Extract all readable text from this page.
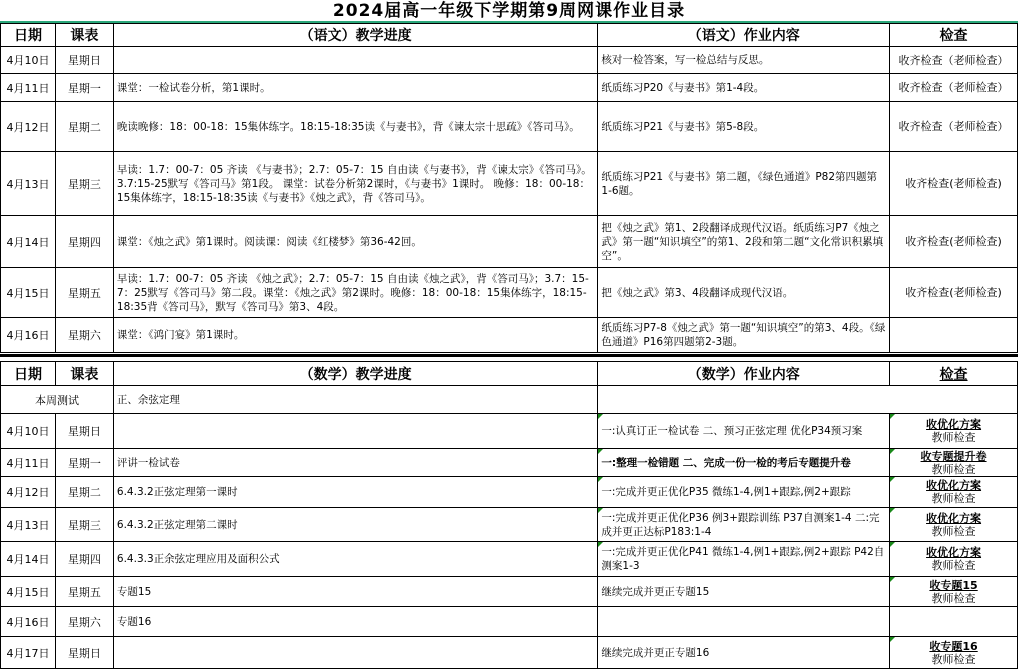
2024届高一年级下学期第9周网课作业目录
日期	课表	（语文）教学进度	（语文）作业内容	检查
4月10日	星期日		核对一检答案，写一检总结与反思。	收齐检查（老师检查）
4月11日	星期一	课堂：一检试卷分析，第1课时。	纸质练习P20《与妻书》第1-4段。	收齐检查（老师检查）
4月12日	星期二	晚读晚修：18：00-18：15集体练字。18:15-18:35读《与妻书》，背《谏太宗十思疏》《答司马》。	纸质练习P21《与妻书》第5-8段。	收齐检查（老师检查）
4月13日	星期三	早读：1.7：00-7：05 齐读 《与妻书》；2.7：05-7：15 自由读《与妻书》，背《谏太宗》《答司马》。 3.7:15-25默写《答司马》第1段。 课堂：试卷分析第2课时，《与妻书》1课时。 晚修：18：00-18：15集体练字，18:15-18:35读《与妻书》《烛之武》，背《答司马》。	纸质练习P21《与妻书》第二题，《绿色通道》P82第四题第1-6题。	收齐检查(老师检查)
4月14日	星期四	课堂：《烛之武》第1课时。阅读课：阅读《红楼梦》第36-42回。	把《烛之武》第1、2段翻译成现代汉语。纸质练习P7《烛之武》第一题“知识填空”的第1、2段和第二题“文化常识积累填空”。	收齐检查(老师检查)
4月15日	星期五	早读：1.7：00-7：05 齐读 《烛之武》；2.7：05-7：15 自由读《烛之武》，背《答司马》；3.7：15-7：25默写《答司马》第二段。课堂：《烛之武》第2课时。晚修：18：00-18：15集体练字，18:15-18:35背《答司马》，默写《答司马》第3、4段。	把《烛之武》第3、4段翻译成现代汉语。	收齐检查(老师检查)
4月16日	星期六	课堂：《鸿门宴》第1课时。	纸质练习P7-8《烛之武》第一题“知识填空”的第3、4段。《绿色通道》P16第四题第2-3题。	
日期	课表	（数学）教学进度	（数学）作业内容	检查
本周测试		正、余弦定理		
4月10日	星期日		一:认真订正一检试卷 二、预习正弦定理 优化P34预习案	收优化方案
教师检查
4月11日	星期一	评讲一检试卷	一:整理一检错题 二、完成一份一检的考后专题提升卷	收专题提升卷
教师检查
4月12日	星期二	6.4.3.2正弦定理第一课时	一:完成并更正优化P35 微练1-4,例1+跟踪,例2+跟踪	收优化方案
教师检查
4月13日	星期三	6.4.3.2正弦定理第二课时	一:完成并更正优化P36 例3+跟踪训练 P37自测案1-4 二:完成并更正达标P183:1-4	收优化方案
教师检查
4月14日	星期四	6.4.3.3正余弦定理应用及面积公式	一:完成并更正优化P41 微练1-4,例1+跟踪,例2+跟踪 P42自测案1-3	收优化方案
教师检查
4月15日	星期五	专题15	继续完成并更正专题15	收专题15
教师检查
4月16日	星期六	专题16		

4月17日	星期日		继续完成并更正专题16	收专题16
教师检查
